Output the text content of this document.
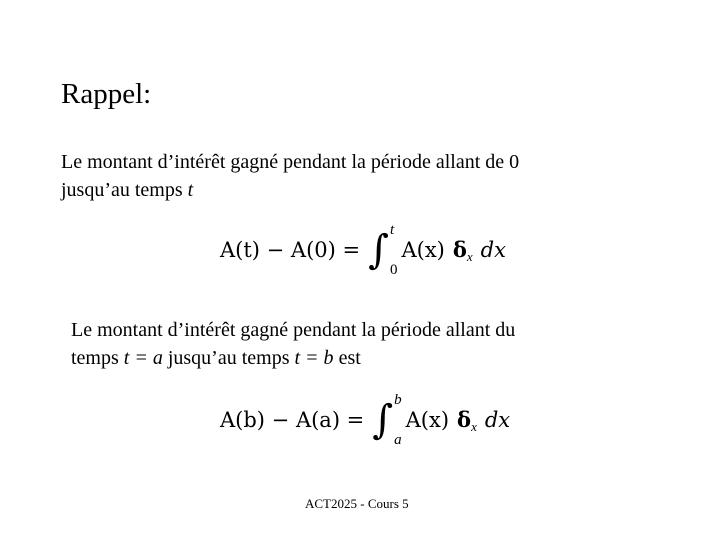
Rappel:
Le montant d’intérêt gagné pendant la période allant de 0
jusqu’au temps t
A(t) − A(0) = ∫ t
0
A(x) δ x dx
Le montant d’intérêt gagné pendant la période allant du
temps t = a jusqu’au temps t = b est
A(b) − A(a) = ∫ b
a
A(x) δ x dx
ACT2025 - Cours 5
